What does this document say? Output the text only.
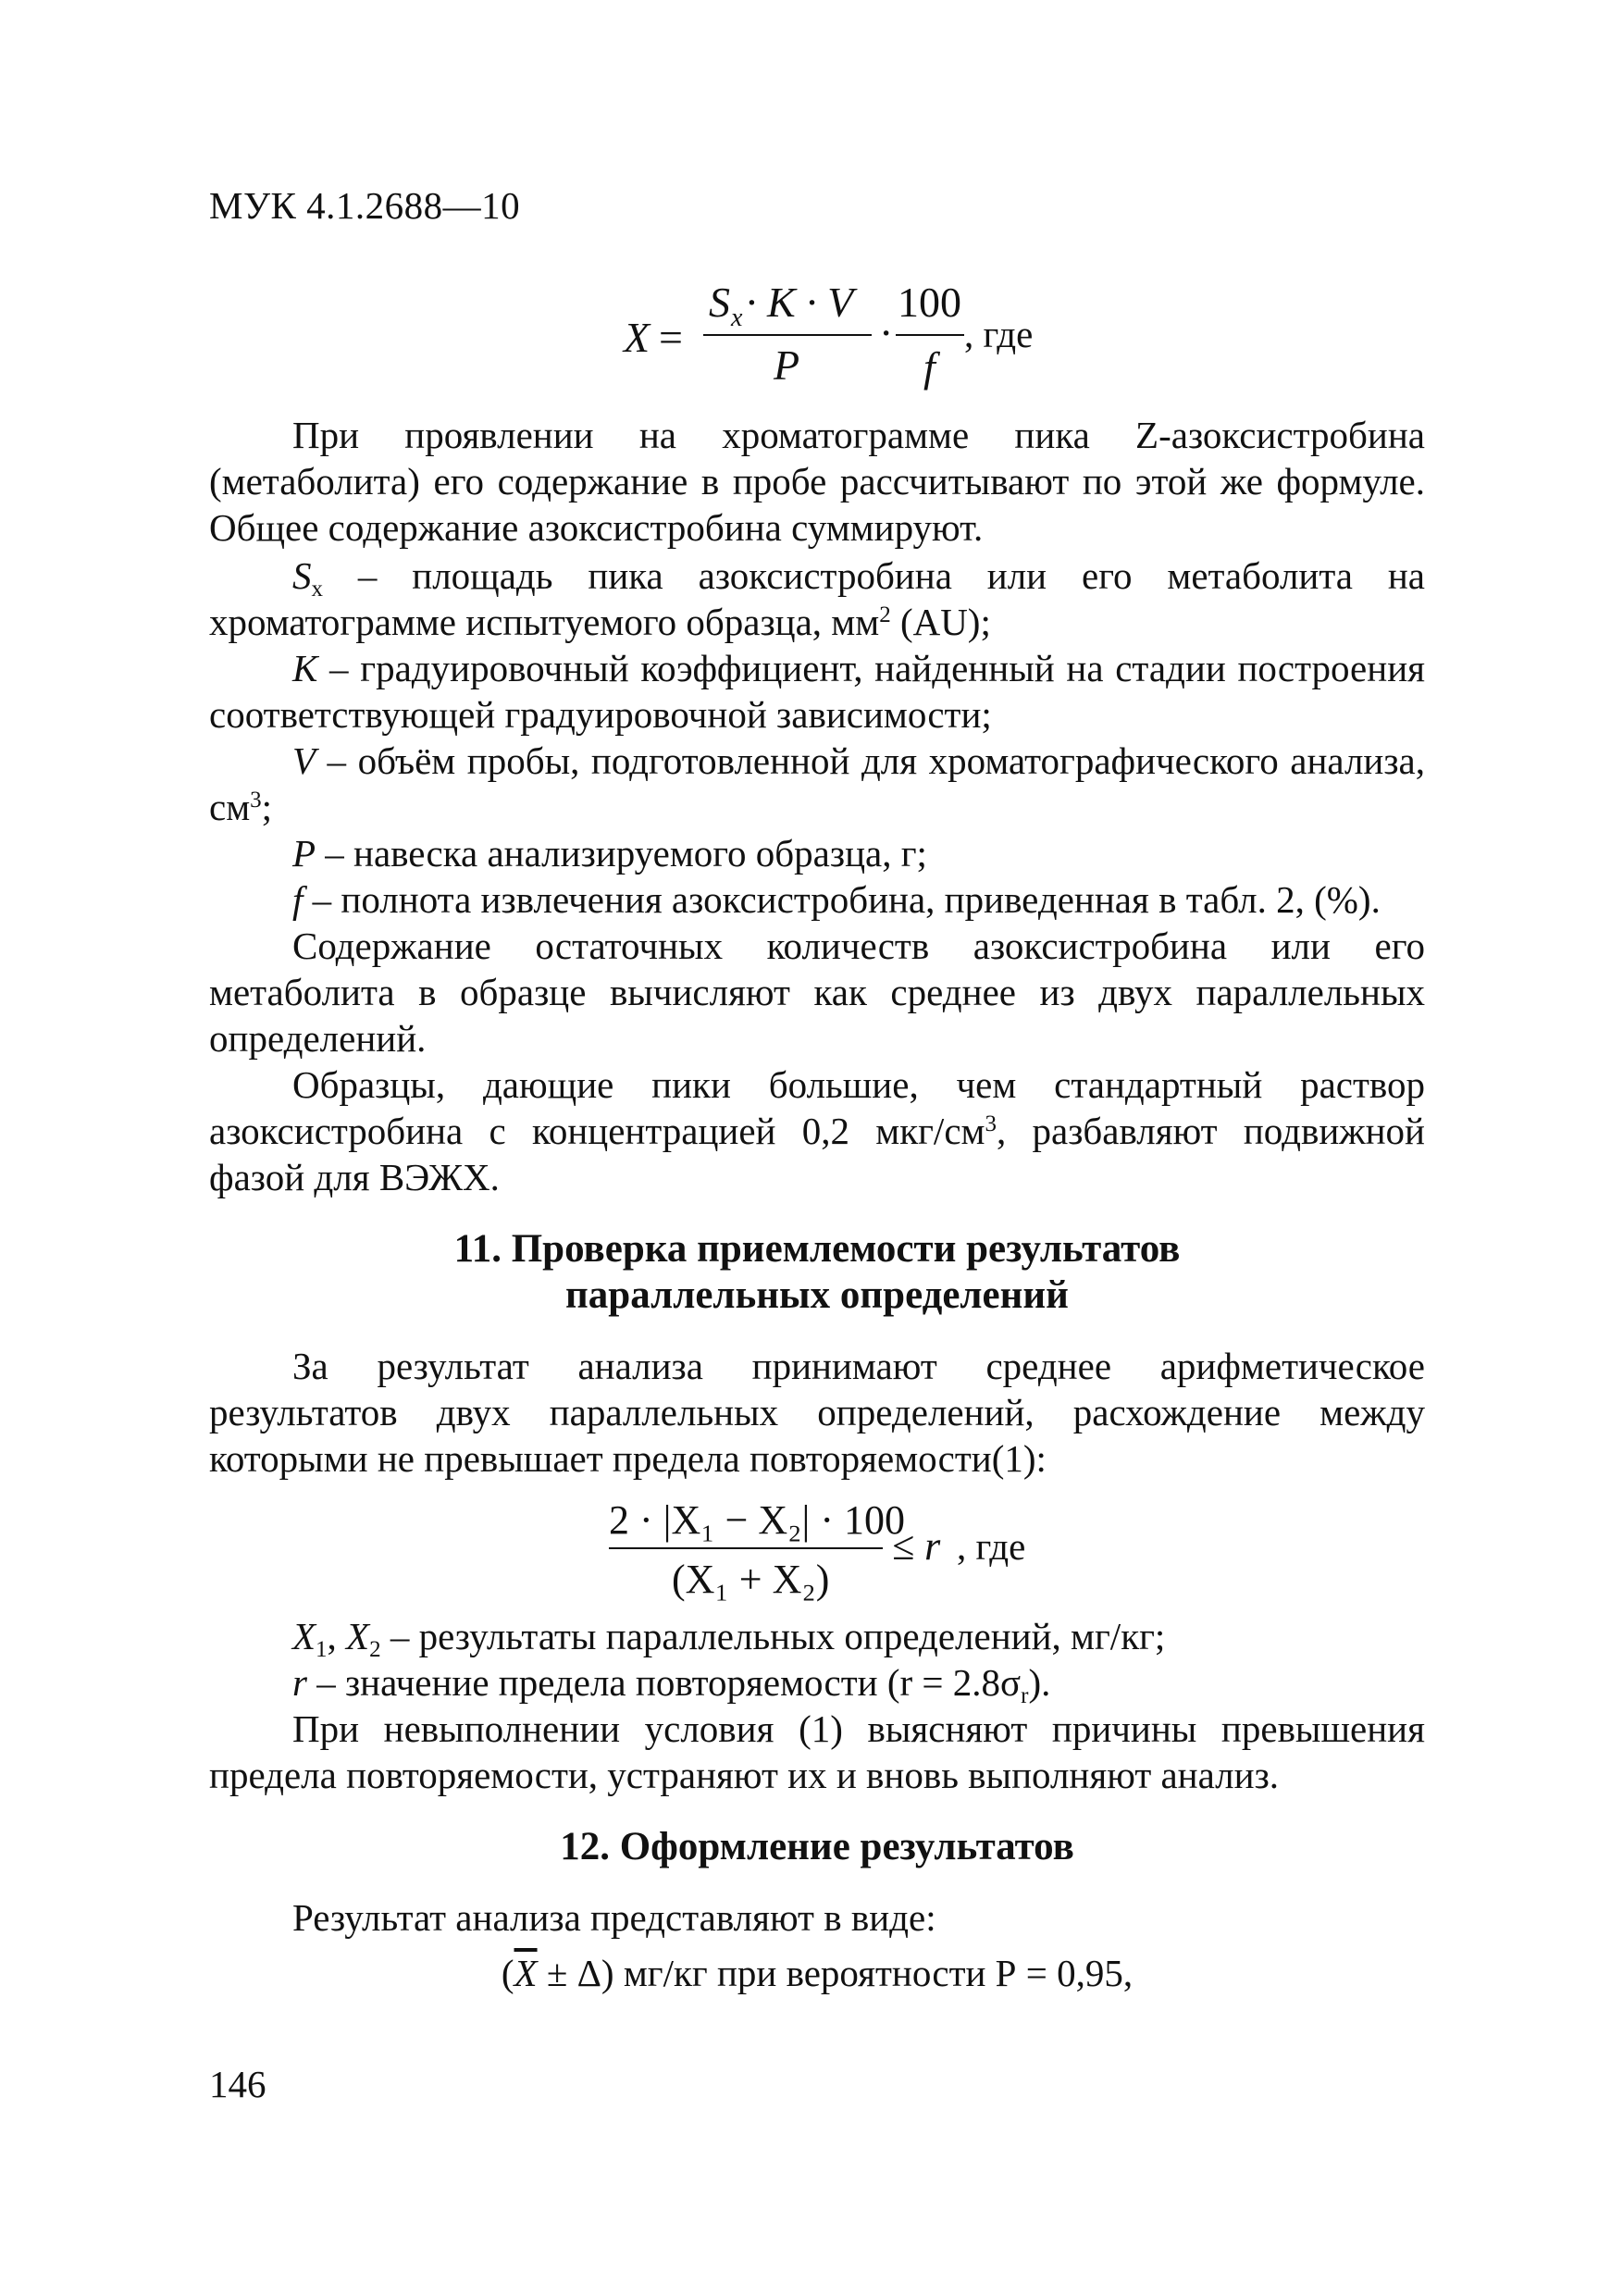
МУК 4.1.2688—10
X =
S x · K · V
P
·
100
f
, где

При проявлении на хроматограмме пика Z-азоксистробина (метаболита) его содержание в пробе рассчитывают по этой же формуле. Общее содержание азоксистробина суммируют.

$S_x$ – площадь пика азоксистробина или его метаболита на хроматограмме испытуемого образца, $мм^2$ (AU);

K – градуировочный коэффициент, найденный на стадии построения соответствующей градуировочной зависимости;

V – объём пробы, подготовленной для хроматографического анализа, $см^3$;

P – навеска анализируемого образца, г;

f – полнота извлечения азоксистробина, приведенная в табл. 2, (%).

Содержание остаточных количеств азоксистробина или его метаболита в образце вычисляют как среднее из двух параллельных определений.

Образцы, дающие пики большие, чем стандартный раствор азоксистробина с концентрацией 0,2 мкг/$см^3$, разбавляют подвижной фазой для ВЭЖХ.

11. Проверка приемлемости результатов
параллельных определений

За результат анализа принимают среднее арифметическое результатов двух параллельных определений, расхождение между которыми не превышает предела повторяемости(1):

2 · |X₁ − X₂| · 100
(X₁ + X₂)
≤ r , где

$X_1$, $X_2$ – результаты параллельных определений, мг/кг;

r – значение предела повторяемости $(r = 2.8\sigma_r)$.

При невыполнении условия (1) выясняют причины превышения предела повторяемости, устраняют их и вновь выполняют анализ.

12. Оформление результатов

Результат анализа представляют в виде:

$(\overline{X} \pm \Delta)$ мг/кг при вероятности Р = 0,95,
146
